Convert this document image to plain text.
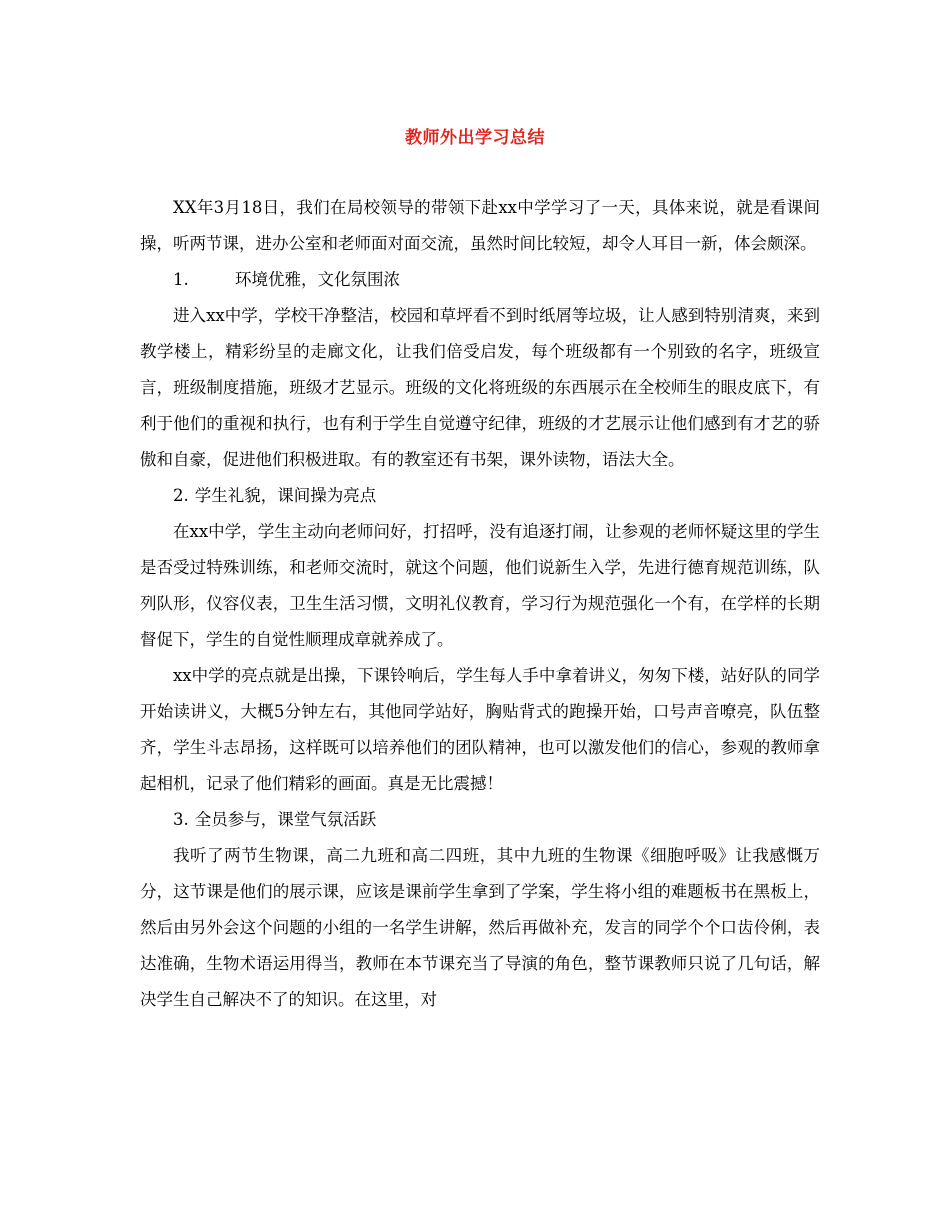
教师外出学习总结

XX年3月18日，我们在局校领导的带领下赴xx中学学习了一天，具体来说，就是看课间操，听两节课，进办公室和老师面对面交流，虽然时间比较短，却令人耳目一新，体会颇深。

1.	环境优雅，文化氛围浓

进入xx中学，学校干净整洁，校园和草坪看不到时纸屑等垃圾，让人感到特别清爽，来到教学楼上，精彩纷呈的走廊文化，让我们倍受启发，每个班级都有一个别致的名字，班级宣言，班级制度措施，班级才艺显示。班级的文化将班级的东西展示在全校师生的眼皮底下，有利于他们的重视和执行，也有利于学生自觉遵守纪律，班级的才艺展示让他们感到有才艺的骄傲和自豪，促进他们积极进取。有的教室还有书架，课外读物，语法大全。

2. 学生礼貌，课间操为亮点

在xx中学，学生主动向老师问好，打招呼，没有追逐打闹，让参观的老师怀疑这里的学生是否受过特殊训练，和老师交流时，就这个问题，他们说新生入学，先进行德育规范训练，队列队形，仪容仪表，卫生生活习惯，文明礼仪教育，学习行为规范强化一个有，在学样的长期督促下，学生的自觉性顺理成章就养成了。

xx中学的亮点就是出操，下课铃响后，学生每人手中拿着讲义，匆匆下楼，站好队的同学开始读讲义，大概5分钟左右，其他同学站好，胸贴背式的跑操开始，口号声音嘹亮，队伍整齐，学生斗志昂扬，这样既可以培养他们的团队精神，也可以激发他们的信心，参观的教师拿起相机，记录了他们精彩的画面。真是无比震撼！

3. 全员参与，课堂气氛活跃

我听了两节生物课，高二九班和高二四班，其中九班的生物课《细胞呼吸》让我感慨万分，这节课是他们的展示课，应该是课前学生拿到了学案，学生将小组的难题板书在黑板上，然后由另外会这个问题的小组的一名学生讲解，然后再做补充，发言的同学个个口齿伶俐，表达准确，生物术语运用得当，教师在本节课充当了导演的角色，整节课教师只说了几句话，解决学生自己解决不了的知识。在这里，对
